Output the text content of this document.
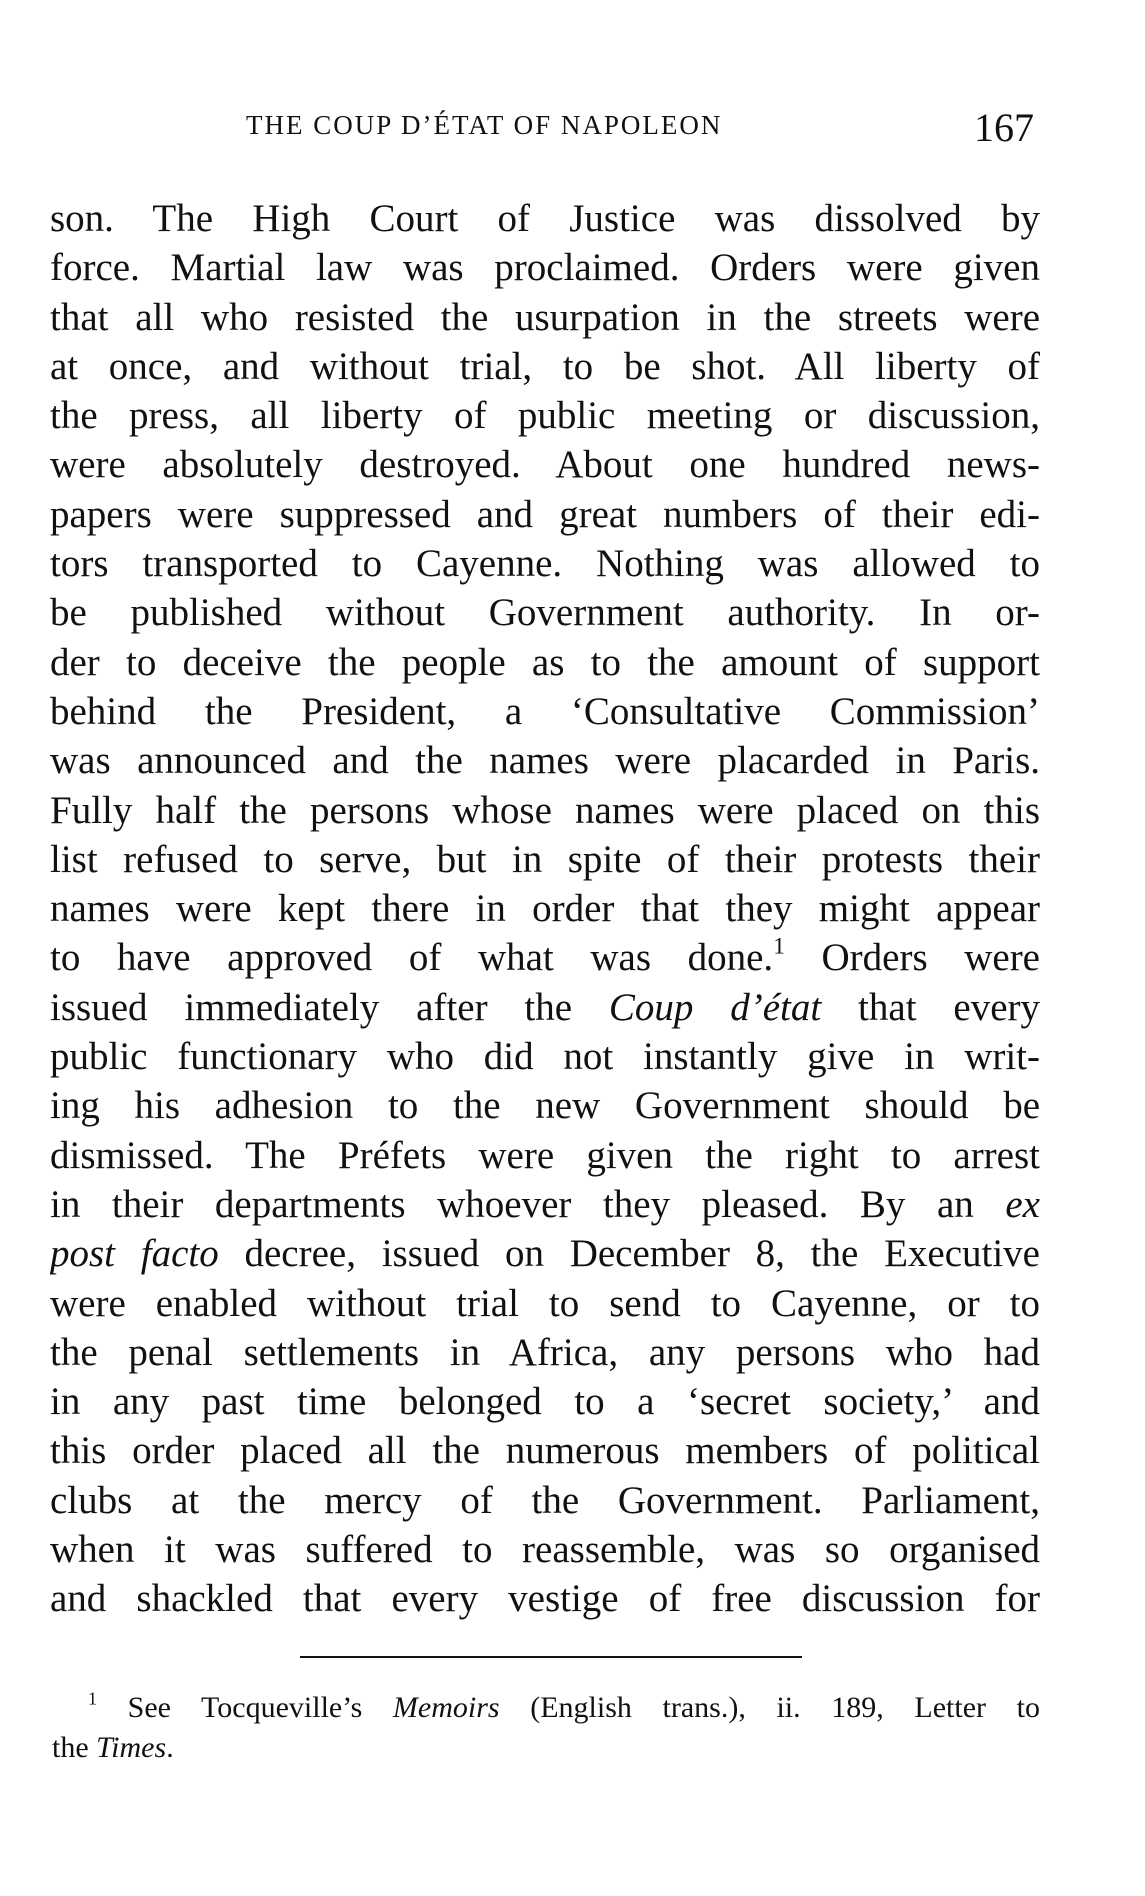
THE COUP D’ÉTAT OF NAPOLEON	167
son. The High Court of Justice was dissolved by
force. Martial law was proclaimed. Orders were given
that all who resisted the usurpation in the streets were
at once, and without trial, to be shot. All liberty of
the press, all liberty of public meeting or discussion,
were absolutely destroyed. About one hundred news-
papers were suppressed and great numbers of their edi-
tors transported to Cayenne. Nothing was allowed to
be published without Government authority. In or-
der to deceive the people as to the amount of support
behind the President, a ‘Consultative Commission’
was announced and the names were placarded in Paris.
Fully half the persons whose names were placed on this
list refused to serve, but in spite of their protests their
names were kept there in order that they might appear
to have approved of what was done.$^1$ Orders were
issued immediately after the Coup d’état that every
public functionary who did not instantly give in writ-
ing his adhesion to the new Government should be
dismissed. The Préfets were given the right to arrest
in their departments whoever they pleased. By an ex
post facto decree, issued on December 8, the Executive
were enabled without trial to send to Cayenne, or to
the penal settlements in Africa, any persons who had
in any past time belonged to a ‘secret society,’ and
this order placed all the numerous members of political
clubs at the mercy of the Government. Parliament,
when it was suffered to reassemble, was so organised
and shackled that every vestige of free discussion for
$^1$ See Tocqueville’s Memoirs (English trans.), ii. 189, Letter to
the Times.
